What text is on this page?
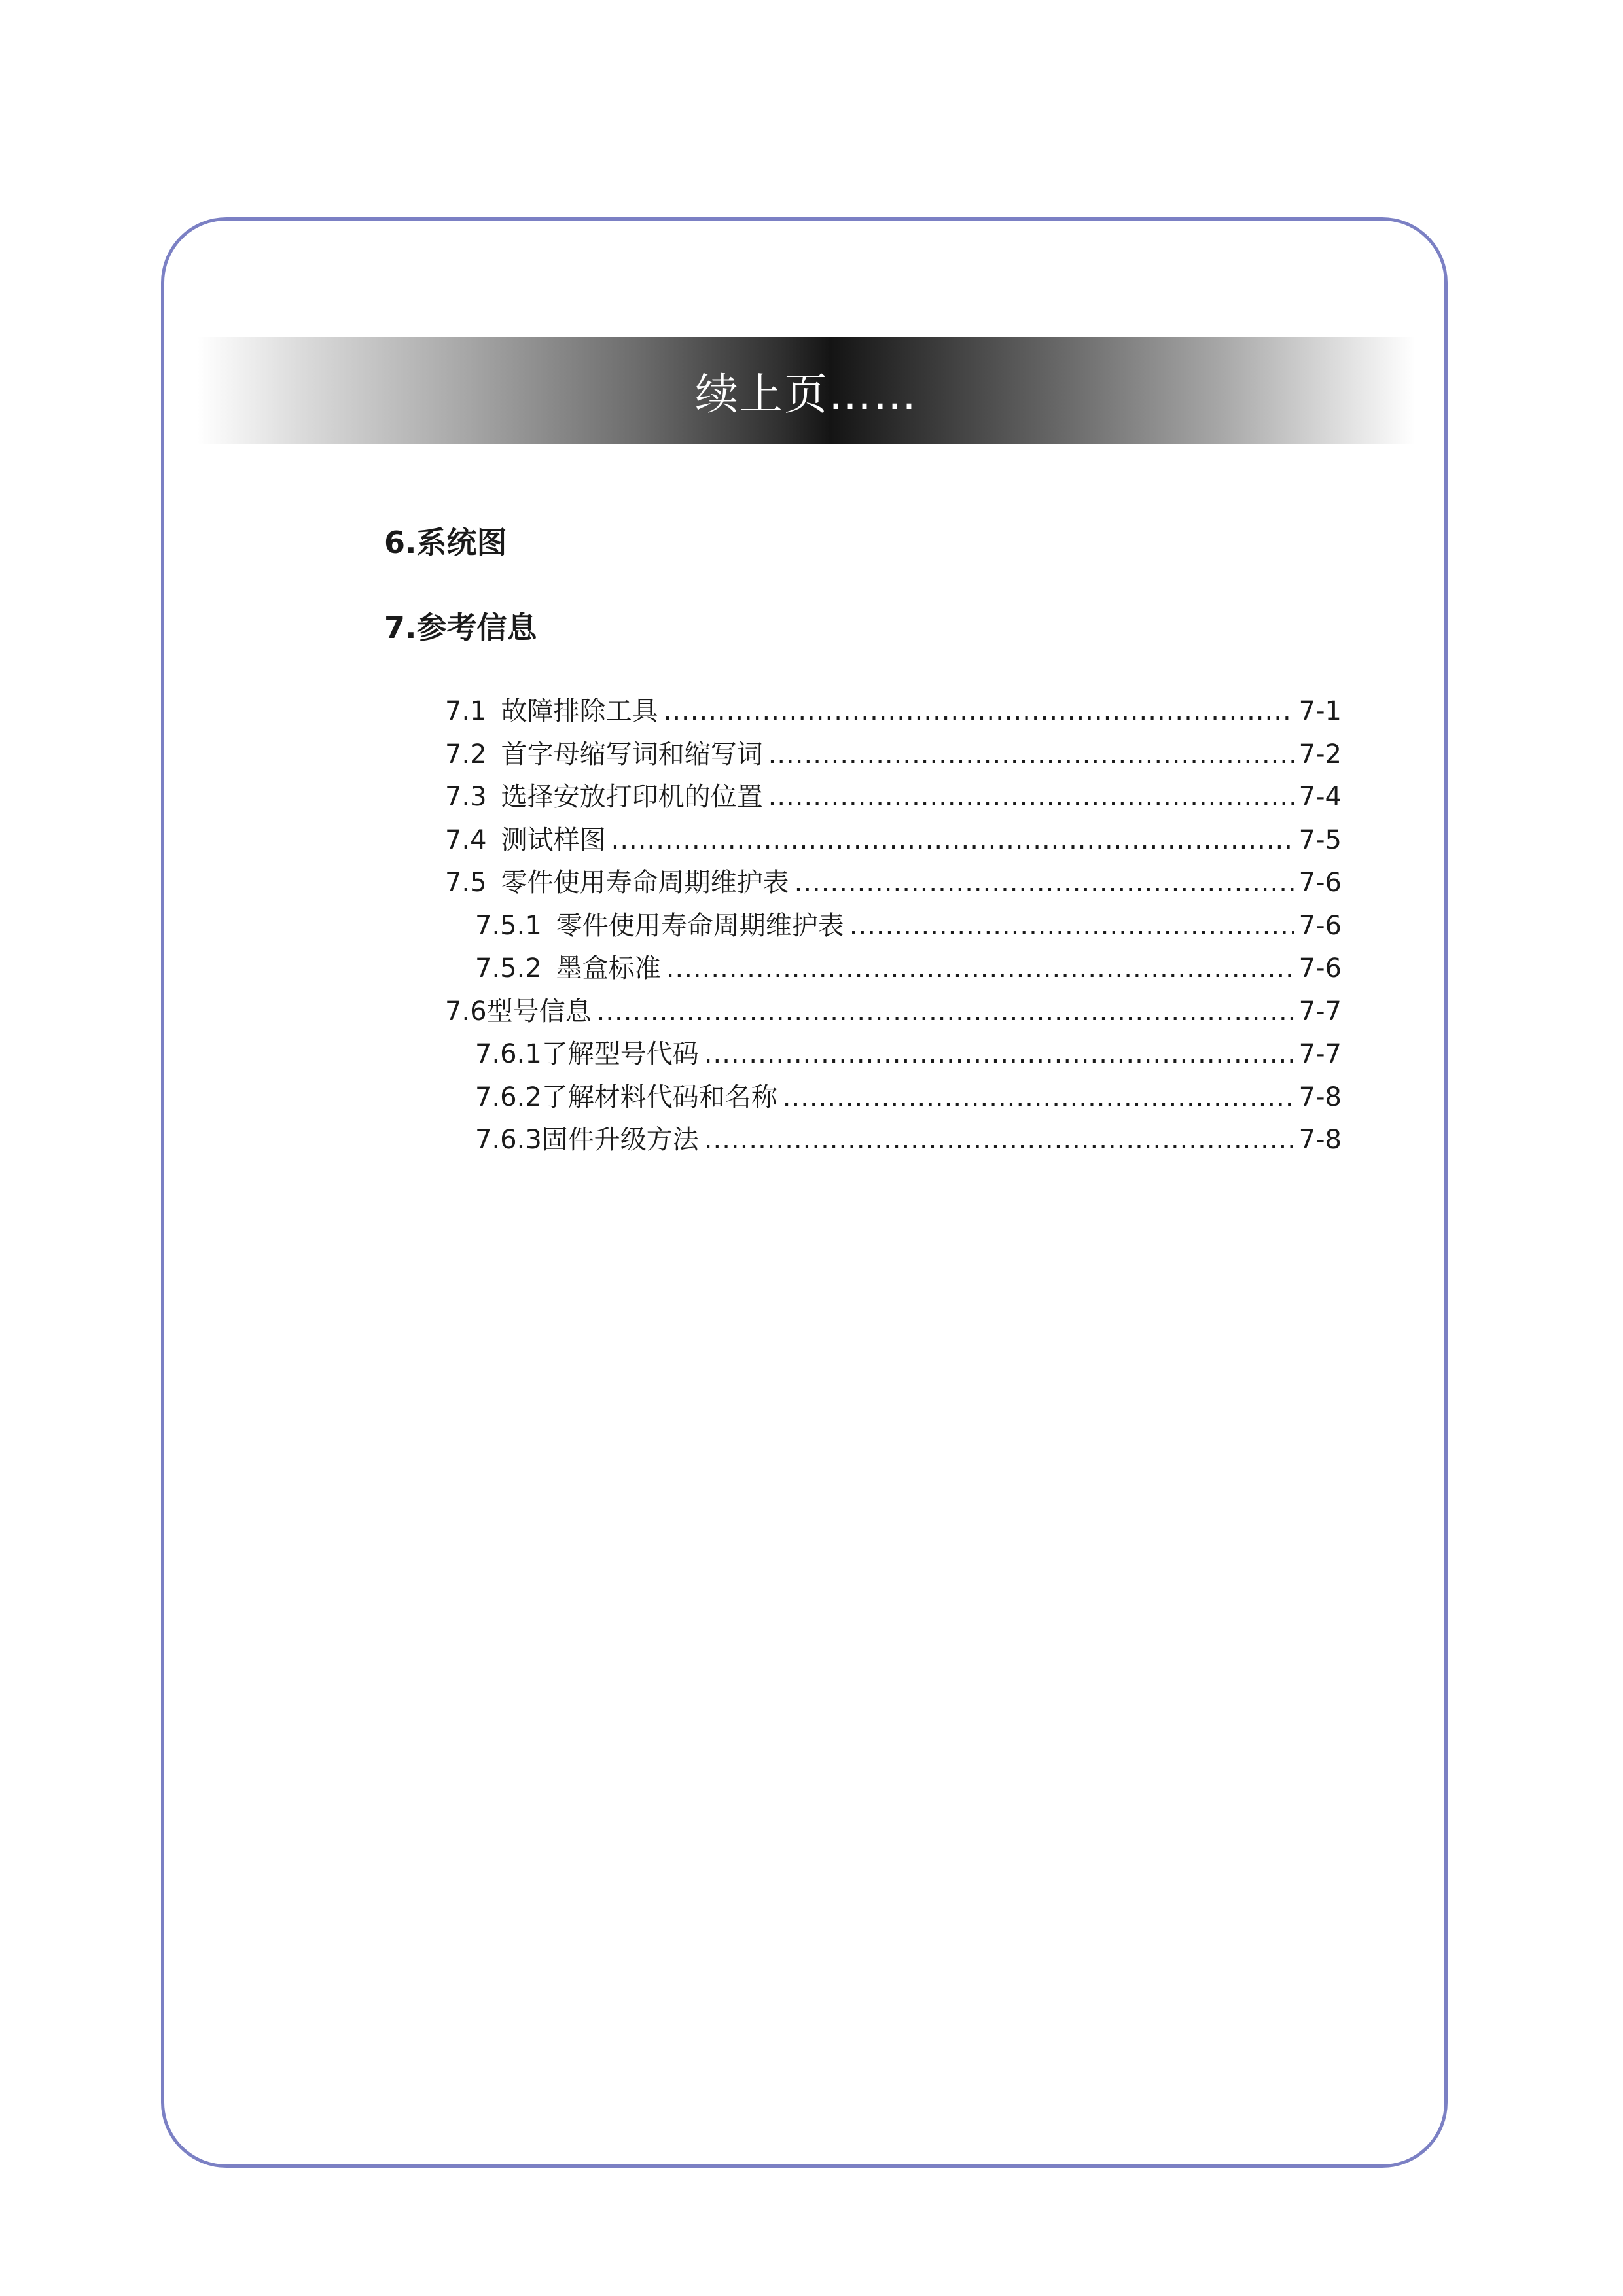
续上页……
6.系统图
7.参考信息
7.1 故障排除工具 .....	7-1
7.2 首字母缩写词和缩写词 .....	7-2
7.3 选择安放打印机的位置 .....	7-4
7.4 测试样图 .....	7-5
7.5 零件使用寿命周期维护表 .....	7-6
7.5.1 零件使用寿命周期维护表 .....	7-6
7.5.2 墨盒标准 .....	7-6
7.6 型号信息 .....	7-7
7.6.1 了解型号代码 .....	7-7
7.6.2 了解材料代码和名称 .....	7-8
7.6.3 固件升级方法 .....	7-8
